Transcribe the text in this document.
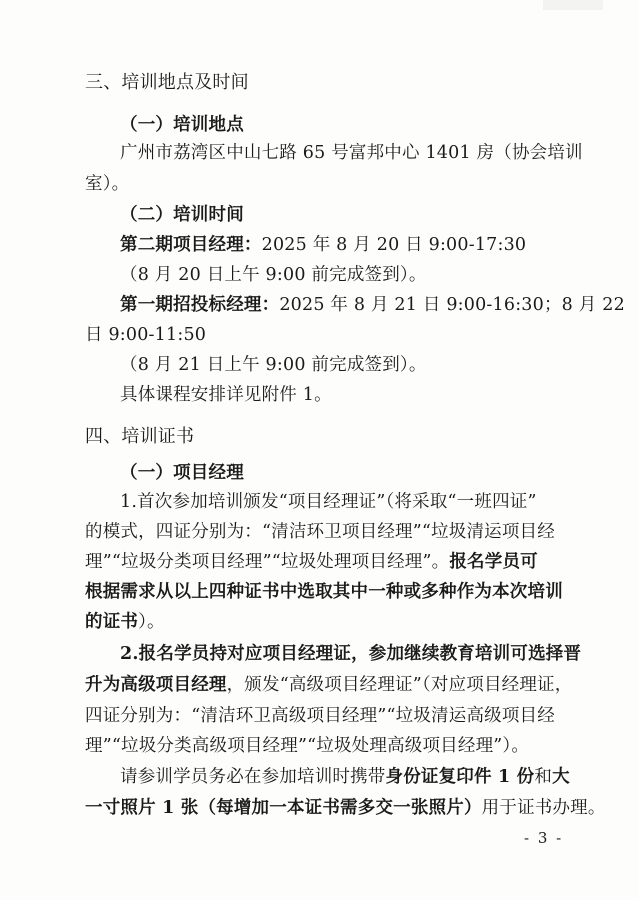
三、培训地点及时间
（一）培训地点
广州市荔湾区中山七路 65 号富邦中心 1401 房（协会培训
室）。
（二）培训时间
第二期项目经理：2025 年 8 月 20 日 9:00-17:30
（8 月 20 日上午 9:00 前完成签到）。
第一期招投标经理：2025 年 8 月 21 日 9:00-16:30；8 月 22
日 9:00-11:50
（8 月 21 日上午 9:00 前完成签到）。
具体课程安排详见附件 1。
四、培训证书
（一）项目经理
1.首次参加培训颁发“项目经理证”（将采取“一班四证”
的模式，四证分别为：“清洁环卫项目经理”“垃圾清运项目经
理”“垃圾分类项目经理”“垃圾处理项目经理”。报名学员可
根据需求从以上四种证书中选取其中一种或多种作为本次培训
的证书）。
2.报名学员持对应项目经理证，参加继续教育培训可选择晋
升为高级项目经理，颁发“高级项目经理证”（对应项目经理证，
四证分别为：“清洁环卫高级项目经理”“垃圾清运高级项目经
理”“垃圾分类高级项目经理”“垃圾处理高级项目经理”）。
请参训学员务必在参加培训时携带身份证复印件 1 份和大
一寸照片 1 张（每增加一本证书需多交一张照片）用于证书办理。
- 3 -
